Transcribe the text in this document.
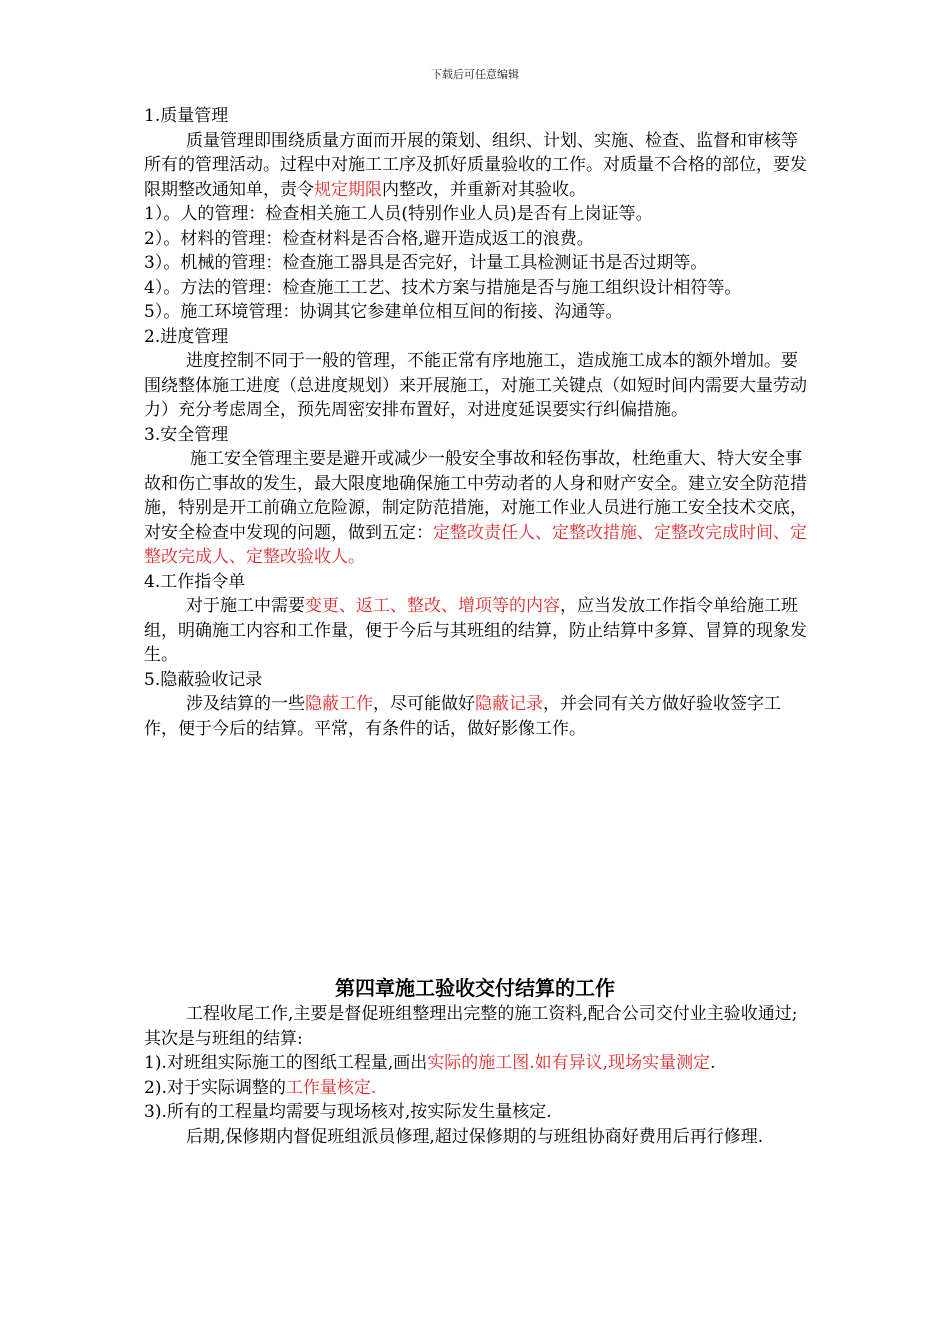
下载后可任意编辑

1.质量管理

质量管理即围绕质量方面而开展的策划、组织、计划、实施、检查、监督和审核等所有的管理活动。过程中对施工工序及抓好质量验收的工作。对质量不合格的部位，要发限期整改通知单，责令规定期限内整改，并重新对其验收。

1）。人的管理：检查相关施工人员(特别作业人员)是否有上岗证等。

2）。材料的管理：检查材料是否合格,避开造成返工的浪费。

3）。机械的管理：检查施工器具是否完好，计量工具检测证书是否过期等。

4）。方法的管理：检查施工工艺、技术方案与措施是否与施工组织设计相符等。

5）。施工环境管理：协调其它参建单位相互间的衔接、沟通等。

2.进度管理

进度控制不同于一般的管理，不能正常有序地施工，造成施工成本的额外增加。要围绕整体施工进度（总进度规划）来开展施工，对施工关键点（如短时间内需要大量劳动力）充分考虑周全，预先周密安排布置好，对进度延误要实行纠偏措施。

3.安全管理

施工安全管理主要是避开或减少一般安全事故和轻伤事故，杜绝重大、特大安全事故和伤亡事故的发生，最大限度地确保施工中劳动者的人身和财产安全。建立安全防范措施，特别是开工前确立危险源，制定防范措施，对施工作业人员进行施工安全技术交底，对安全检查中发现的问题，做到五定：定整改责任人、定整改措施、定整改完成时间、定整改完成人、定整改验收人。

4.工作指令单

对于施工中需要变更、返工、整改、增项等的内容，应当发放工作指令单给施工班组，明确施工内容和工作量，便于今后与其班组的结算，防止结算中多算、冒算的现象发生。

5.隐蔽验收记录

涉及结算的一些隐蔽工作，尽可能做好隐蔽记录，并会同有关方做好验收签字工作，便于今后的结算。平常，有条件的话，做好影像工作。

第四章施工验收交付结算的工作

工程收尾工作,主要是督促班组整理出完整的施工资料,配合公司交付业主验收通过;其次是与班组的结算:

1).对班组实际施工的图纸工程量,画出实际的施工图.如有异议,现场实量测定.

2).对于实际调整的工作量核定.

3).所有的工程量均需要与现场核对,按实际发生量核定.

后期,保修期内督促班组派员修理,超过保修期的与班组协商好费用后再行修理.
